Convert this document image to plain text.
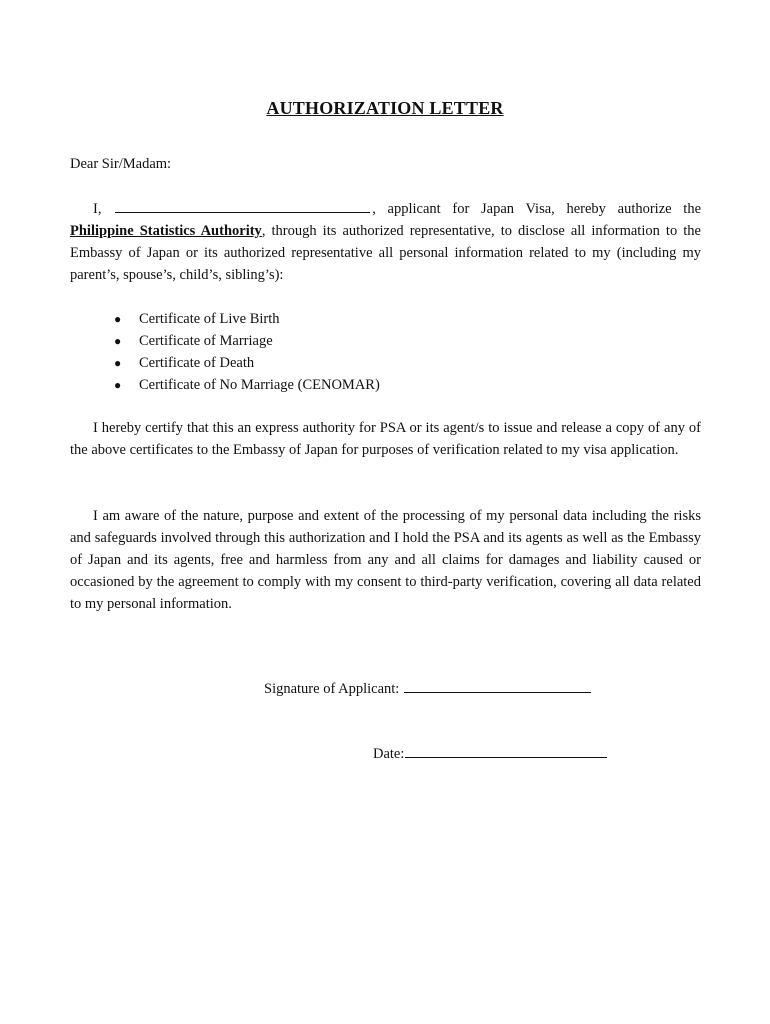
AUTHORIZATION LETTER
Dear Sir/Madam:
I,	, applicant for Japan Visa, hereby authorize the Philippine Statistics Authority, through its authorized representative, to disclose all information to the Embassy of Japan or its authorized representative all personal information related to my (including my parent’s, spouse’s, child’s, sibling’s):
● Certificate of Live Birth
● Certificate of Marriage
● Certificate of Death
● Certificate of No Marriage (CENOMAR)
I hereby certify that this an express authority for PSA or its agent/s to issue and release a copy of any of the above certificates to the Embassy of Japan for purposes of verification related to my visa application.
I am aware of the nature, purpose and extent of the processing of my personal data including the risks and safeguards involved through this authorization and I hold the PSA and its agents as well as the Embassy of Japan and its agents, free and harmless from any and all claims for damages and liability caused or occasioned by the agreement to comply with my consent to third-party verification, covering all data related to my personal information.
Signature of Applicant:
Date:
